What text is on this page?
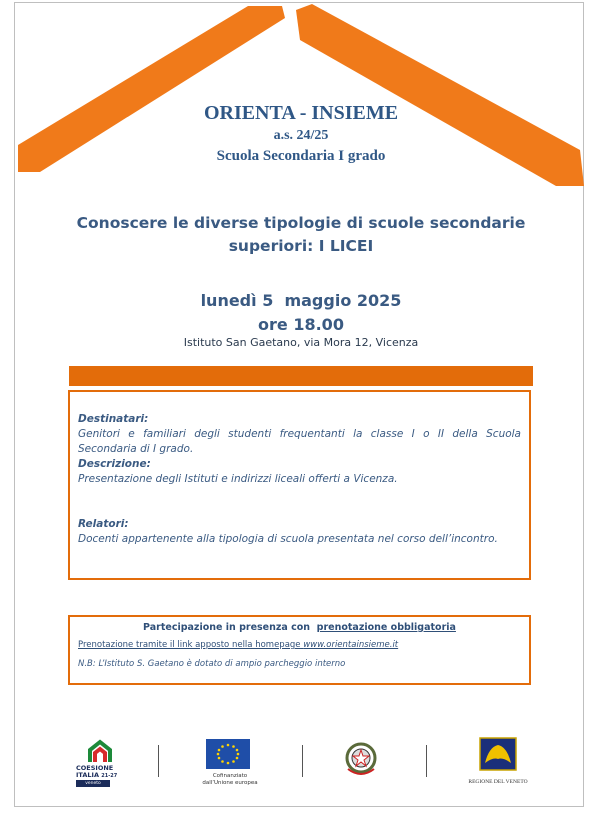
ORIENTA - INSIEME
a.s. 24/25
Scuola Secondaria I grado
Conoscere le diverse tipologie di scuole secondarie
superiori: I LICEI
lunedì 5  maggio 2025
ore 18.00
Istituto San Gaetano, via Mora 12, Vicenza
Destinatari:
Genitori e familiari degli studenti frequentanti la classe I o II della Scuola Secondaria di I grado.
Descrizione:
Presentazione degli Istituti e indirizzi liceali offerti a Vicenza.
Relatori:
Docenti appartenente alla tipologia di scuola presentata nel corso dell’incontro.
Partecipazione in presenza con prenotazione obbligatoria
Prenotazione tramite il link apposto nella homepage www.orientainsieme.it
N.B: L’Istituto S. Gaetano è dotato di ampio parcheggio interno
COESIONE
ITALIA 21-27
veneto
Cofinanziato
dall’Unione europea	REGIONE DEL VENETO
